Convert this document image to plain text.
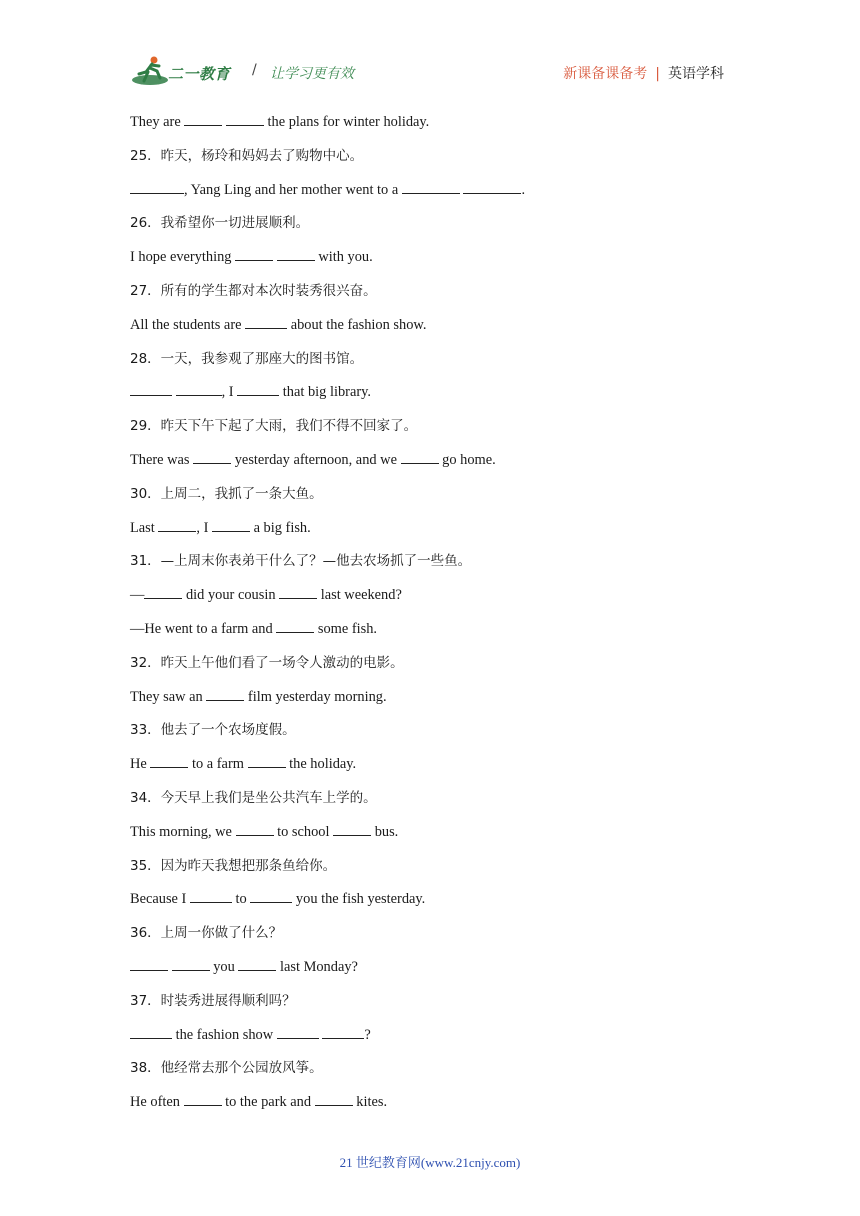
二一教育 / 让学习更有效	新课备课备考 | 英语学科
They are	the plans for winter holiday.
25．昨天，杨玲和妈妈去了购物中心。
, Yang Ling and her mother went to a	.
26．我希望你一切进展顺利。
I hope everything	with you.
27．所有的学生都对本次时装秀很兴奋。
All the students are	about the fashion show.
28．一天，我参观了那座大的图书馆。
, I	that big library.
29．昨天下午下起了大雨，我们不得不回家了。
There was	yesterday afternoon, and we	go home.
30．上周二，我抓了一条大鱼。
Last	, I	a big fish.
31．—上周末你表弟干什么了？—他去农场抓了一些鱼。
—	did your cousin	last weekend?
—He went to a farm and	some fish.
32．昨天上午他们看了一场令人激动的电影。
They saw an	film yesterday morning.
33．他去了一个农场度假。
He	to a farm	the holiday.
34．今天早上我们是坐公共汽车上学的。
This morning, we	to school	bus.
35．因为昨天我想把那条鱼给你。
Because I	to	you the fish yesterday.
36．上周一你做了什么？
you	last Monday?
37．时装秀进展得顺利吗？
the fashion show	?
38．他经常去那个公园放风筝。
He often	to the park and	kites.
21 世纪教育网(www.21cnjy.com)
